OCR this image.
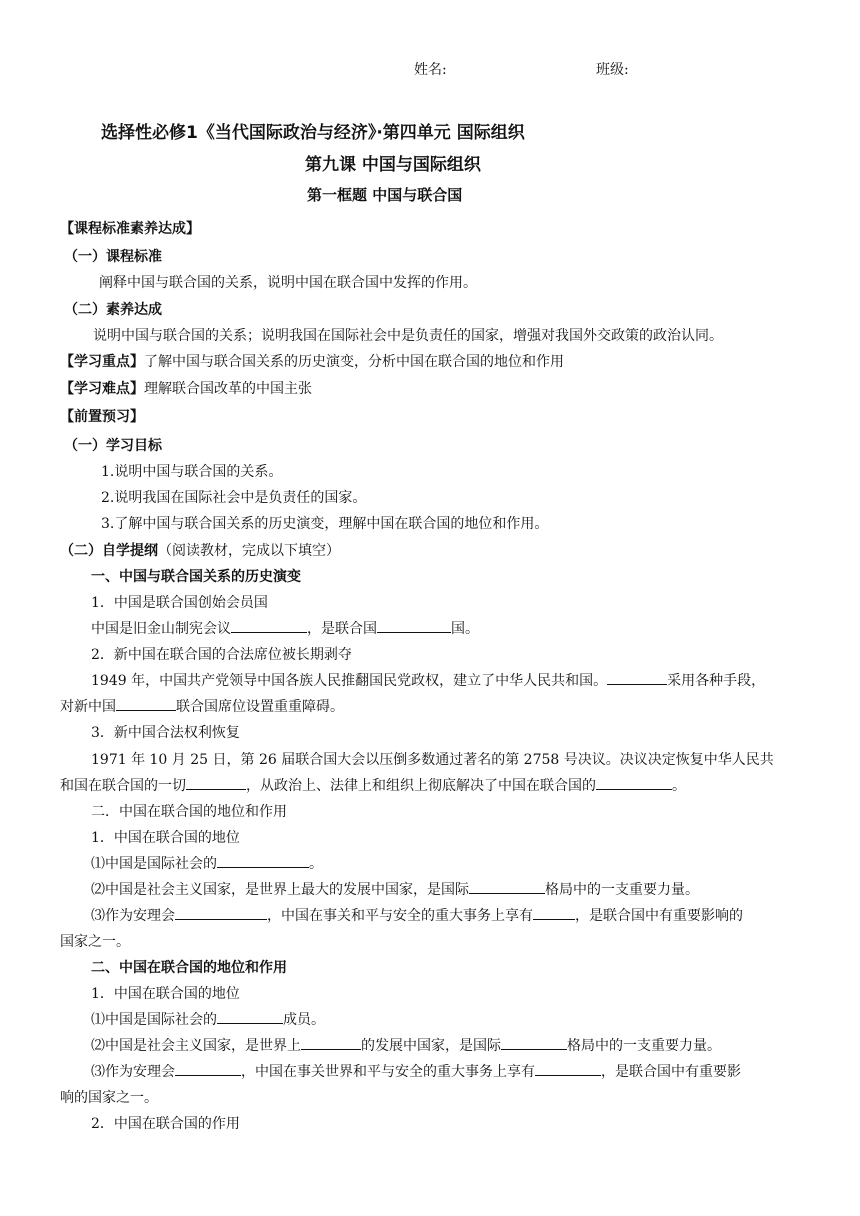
姓名:	班级:
选择性必修1《当代国际政治与经济》·第四单元 国际组织
第九课 中国与国际组织
第一框题 中国与联合国
【课程标准素养达成】
（一）课程标准
阐释中国与联合国的关系，说明中国在联合国中发挥的作用。
（二）素养达成
说明中国与联合国的关系；说明我国在国际社会中是负责任的国家，增强对我国外交政策的政治认同。
【学习重点】了解中国与联合国关系的历史演变，分析中国在联合国的地位和作用
【学习难点】理解联合国改革的中国主张
【前置预习】
（一）学习目标
1.说明中国与联合国的关系。
2.说明我国在国际社会中是负责任的国家。
3.了解中国与联合国关系的历史演变，理解中国在联合国的地位和作用。
（二）自学提纲（阅读教材，完成以下填空）
一、中国与联合国关系的历史演变
1．中国是联合国创始会员国
中国是旧金山制宪会议	，是联合国	国。
2．新中国在联合国的合法席位被长期剥夺
1949 年，中国共产党领导中国各族人民推翻国民党政权，建立了中华人民共和国。	采用各种手段，
对新中国	联合国席位设置重重障碍。
3．新中国合法权利恢复
1971 年 10 月 25 日，第 26 届联合国大会以压倒多数通过著名的第 2758 号决议。决议决定恢复中华人民共
和国在联合国的一切	，从政治上、法律上和组织上彻底解决了中国在联合国的	。
二．中国在联合国的地位和作用
1．中国在联合国的地位
⑴中国是国际社会的	。
⑵中国是社会主义国家，是世界上最大的发展中国家，是国际	格局中的一支重要力量。
⑶作为安理会	，中国在事关和平与安全的重大事务上享有	，是联合国中有重要影响的
国家之一。
二、中国在联合国的地位和作用
1．中国在联合国的地位
⑴中国是国际社会的	成员。
⑵中国是社会主义国家，是世界上	的发展中国家，是国际	格局中的一支重要力量。
⑶作为安理会	，中国在事关世界和平与安全的重大事务上享有	，是联合国中有重要影
响的国家之一。
2．中国在联合国的作用
